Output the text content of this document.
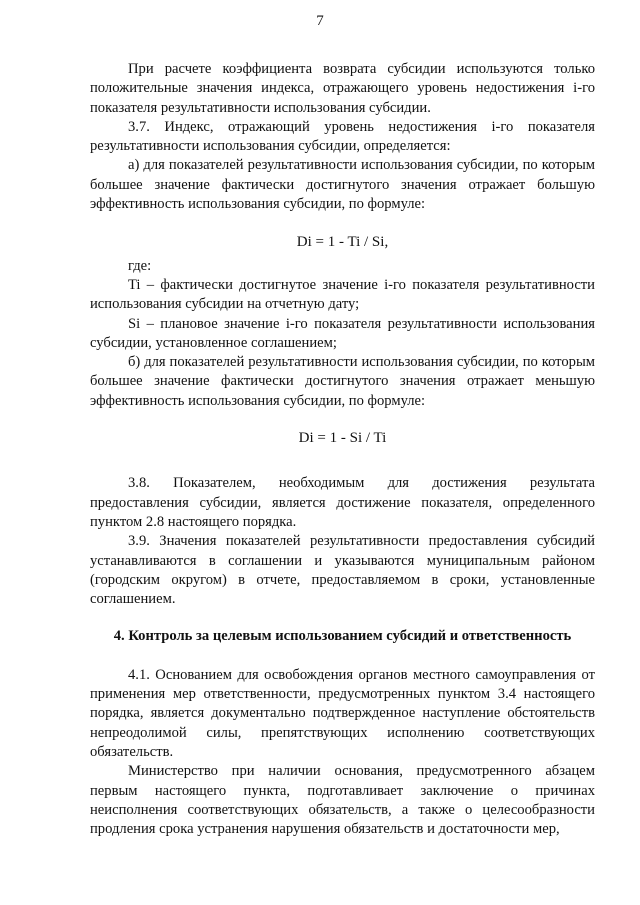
7

При расчете коэффициента возврата субсидии используются только положительные значения индекса, отражающего уровень недостижения i-го показателя результативности использования субсидии.

3.7. Индекс, отражающий уровень недостижения i-го показателя результативности использования субсидии, определяется:

а) для показателей результативности использования субсидии, по которым большее значение фактически достигнутого значения отражает большую эффективность использования субсидии, по формуле:

Di = 1 - Ti / Si,

где:

Ti – фактически достигнутое значение i-го показателя результативности использования субсидии на отчетную дату;

Si – плановое значение i-го показателя результативности использования субсидии, установленное соглашением;

б) для показателей результативности использования субсидии, по которым большее значение фактически достигнутого значения отражает меньшую эффективность использования субсидии, по формуле:

Di = 1 - Si / Ti

3.8. Показателем, необходимым для достижения результата предоставления субсидии, является достижение показателя, определенного пунктом 2.8 настоящего порядка.

3.9. Значения показателей результативности предоставления субсидий устанавливаются в соглашении и указываются муниципальным районом (городским округом) в отчете, предоставляемом в сроки, установленные соглашением.

4. Контроль за целевым использованием субсидий и ответственность

4.1. Основанием для освобождения органов местного самоуправления от применения мер ответственности, предусмотренных пунктом 3.4 настоящего порядка, является документально подтвержденное наступление обстоятельств непреодолимой силы, препятствующих исполнению соответствующих обязательств.

Министерство при наличии основания, предусмотренного абзацем первым настоящего пункта, подготавливает заключение о причинах неисполнения соответствующих обязательств, а также о целесообразности продления срока устранения нарушения обязательств и достаточности мер,
